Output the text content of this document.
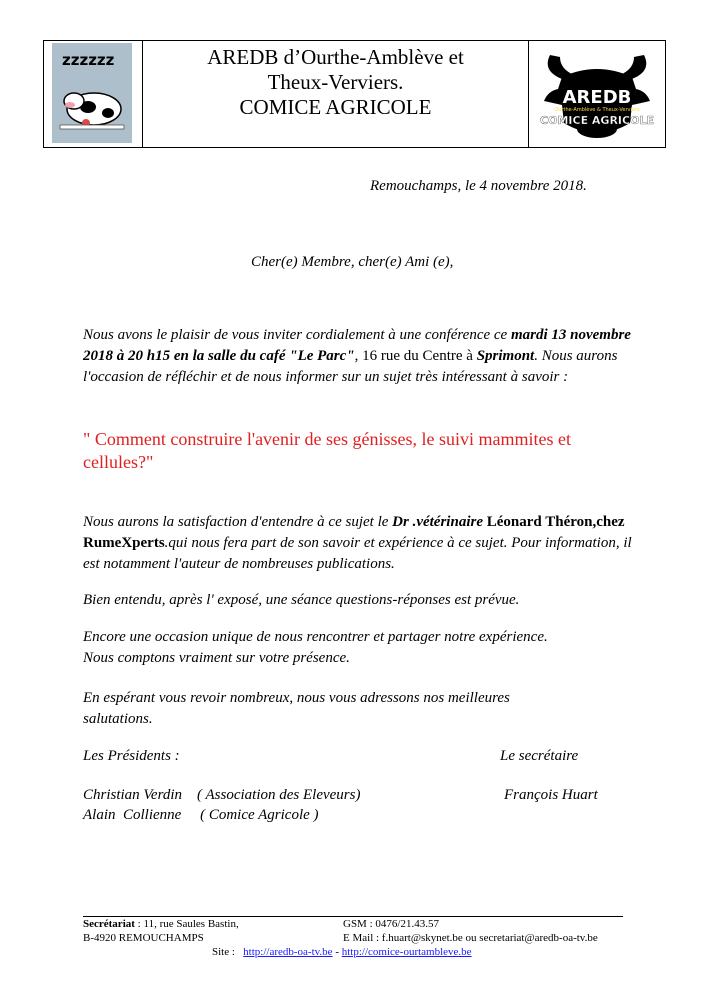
zzzzzz	AREDB d’Ourthe-Amblève et
Theux-Verviers.
COMICE AGRICOLE	AREDB
Ourthe-Amblève & Theux-Verviers
COMICE AGRICOLE
Remouchamps, le 4 novembre 2018.
Cher(e) Membre, cher(e) Ami (e),
Nous avons le plaisir de vous inviter cordialement à une conférence ce mardi 13 novembre 2018 à 20 h15 en la salle du café "Le Parc", 16 rue du Centre à Sprimont. Nous aurons l'occasion de réfléchir et de nous informer sur un sujet très intéressant à savoir :
" Comment construire l'avenir de ses génisses, le suivi mammites et cellules?"
Nous aurons la satisfaction d'entendre à ce sujet le Dr .vétérinaire Léonard Théron,chez RumeXperts.qui nous fera part de son savoir et expérience à ce sujet. Pour information, il est notamment l'auteur de nombreuses publications.
Bien entendu, après l' exposé, une séance questions-réponses est prévue.
Encore une occasion unique de nous rencontrer et partager notre expérience.
Nous comptons vraiment sur votre présence.
En espérant vous revoir nombreux, nous vous adressons nos meilleures salutations.
Les Présidents :	Le secrétaire
Christian Verdin    ( Association des Eleveurs)	François Huart
Alain  Collienne     ( Comice Agricole )
Secrétariat : 11, rue Saules Bastin,
B-4920 REMOUCHAMPS
GSM : 0476/21.43.57
E Mail : f.huart@skynet.be ou secretariat@aredb-oa-tv.be
Site : http://aredb-oa-tv.be - http://comice-ourtambleve.be
